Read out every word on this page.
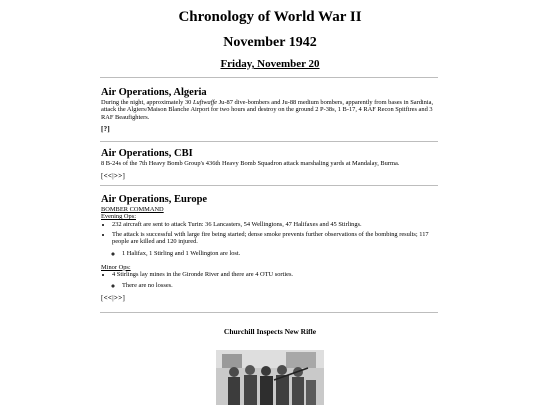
Chronology of World War II
November 1942
Friday, November 20
Air Operations, Algeria
During the night, approximately 30 Luftwaffe Ju-87 dive-bombers and Ju-88 medium bombers, apparently from bases in Sardinia, attack the Algiers/Maison Blanche Airport for two hours and destroy on the ground 2 P-38s, 1 B-17, 4 RAF Recon Spitfires and 3 RAF Beaufighters.
[?]
Air Operations, CBI
8 B-24s of the 7th Heavy Bomb Group's 436th Heavy Bomb Squadron attack marshaling yards at Mandalay, Burma.
[<<|>>]
Air Operations, Europe
BOMBER COMMAND
Evening Ops:
• 232 aircraft are sent to attack Turin: 36 Lancasters, 54 Wellingtons, 47 Halifaxes and 45 Stirlings.
• The attack is successful with large fire being started; dense smoke prevents further observations of the bombing results; 117 people are killed and 120 injured.
◦ 1 Halifax, 1 Stirling and 1 Wellington are lost.
Minor Ops:
• 4 Stirlings lay mines in the Gironde River and there are 4 OTU sorties.
◦ There are no losses.
[<<|>>]
Churchill Inspects New Rifle
